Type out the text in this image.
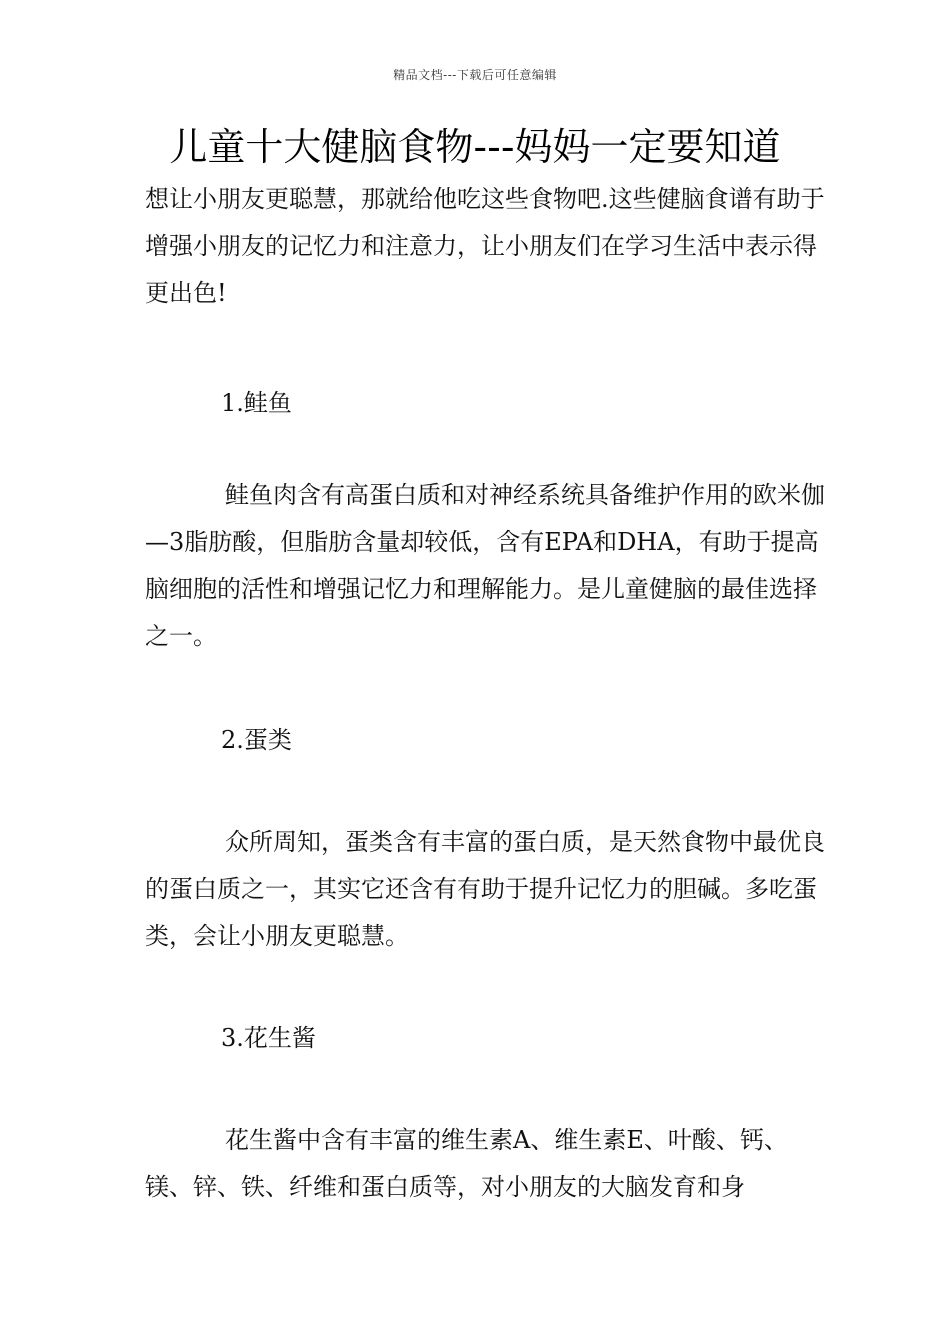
精品文档---下载后可任意编辑
儿童十大健脑食物---妈妈一定要知道

想让小朋友更聪慧，那就给他吃这些食物吧.这些健脑食谱有助于增强小朋友的记忆力和注意力，让小朋友们在学习生活中表示得更出色!

1.鲑鱼

鲑鱼肉含有高蛋白质和对神经系统具备维护作用的欧米伽—3脂肪酸，但脂肪含量却较低，含有EPA和DHA，有助于提高脑细胞的活性和增强记忆力和理解能力。是儿童健脑的最佳选择之一。

2.蛋类

众所周知，蛋类含有丰富的蛋白质，是天然食物中最优良的蛋白质之一，其实它还含有有助于提升记忆力的胆碱。多吃蛋类，会让小朋友更聪慧。

3.花生酱

花生酱中含有丰富的维生素A、维生素E、叶酸、钙、镁、锌、铁、纤维和蛋白质等，对小朋友的大脑发育和身
